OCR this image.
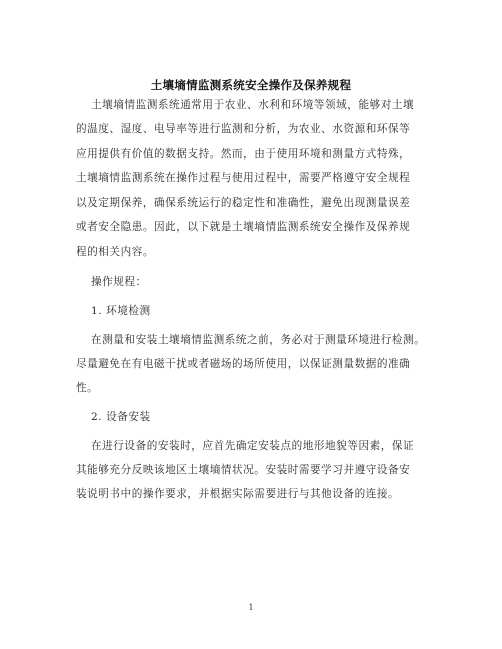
土壤墒情监测系统安全操作及保养规程
土壤墒情监测系统通常用于农业、水利和环境等领域，能够对土壤
的温度、湿度、电导率等进行监测和分析，为农业、水资源和环保等
应用提供有价值的数据支持。然而，由于使用环境和测量方式特殊，
土壤墒情监测系统在操作过程与使用过程中，需要严格遵守安全规程
以及定期保养，确保系统运行的稳定性和准确性，避免出现测量误差
或者安全隐患。因此，以下就是土壤墒情监测系统安全操作及保养规
程的相关内容。
操作规程：
1. 环境检测
在测量和安装土壤墒情监测系统之前，务必对于测量环境进行检测。
尽量避免在有电磁干扰或者磁场的场所使用，以保证测量数据的准确
性。
2. 设备安装
在进行设备的安装时，应首先确定安装点的地形地貌等因素，保证
其能够充分反映该地区土壤墒情状况。安装时需要学习并遵守设备安
装说明书中的操作要求，并根据实际需要进行与其他设备的连接。
1
